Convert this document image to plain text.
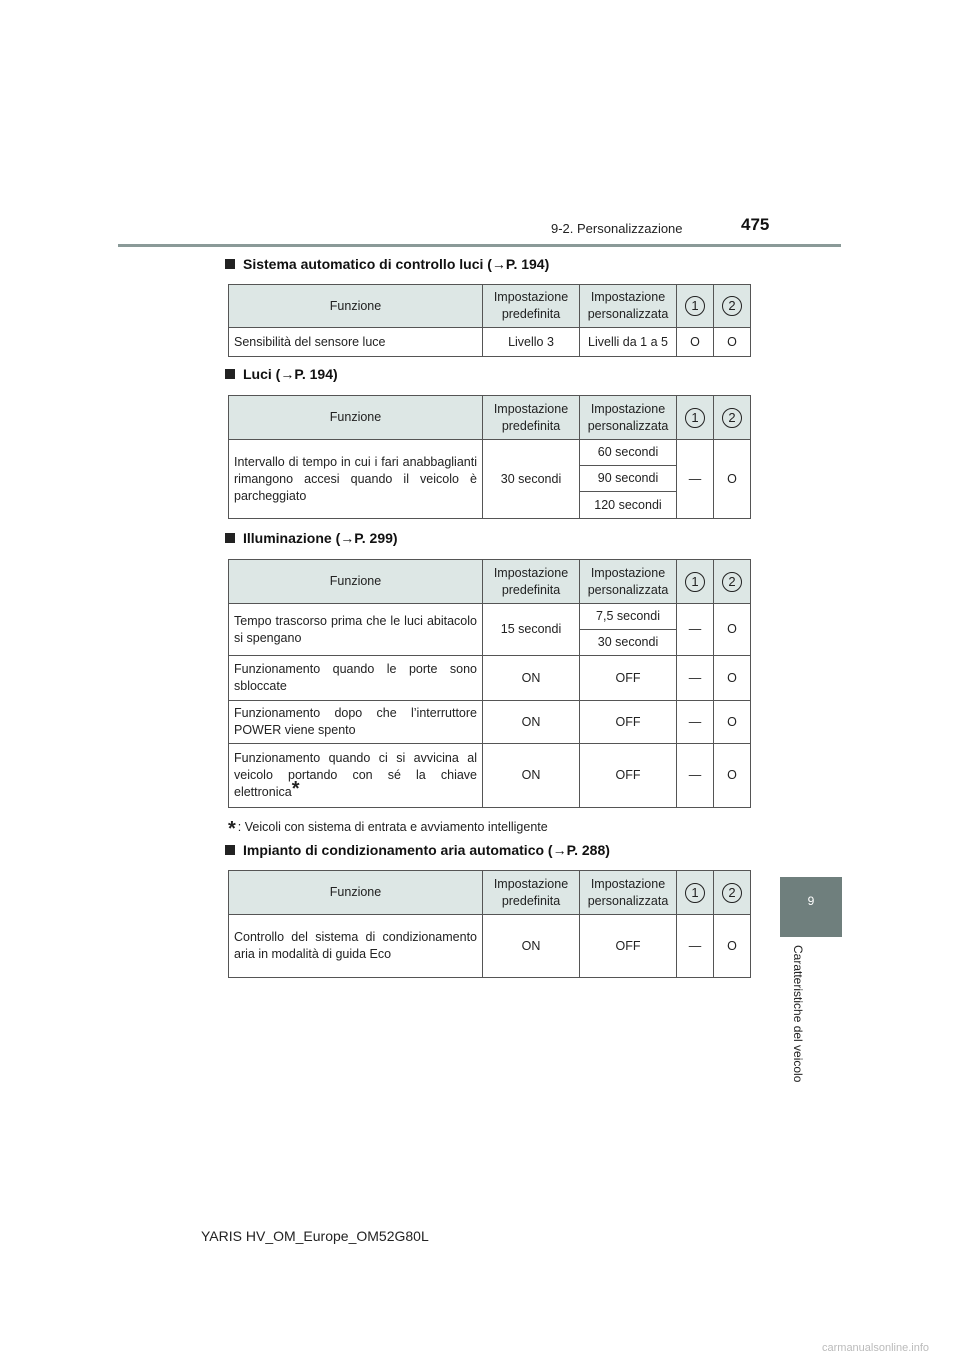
9-2. Personalizzazione	475
9
Caratteristiche del veicolo
Sistema automatico di controllo luci (→P. 194)
Funzione	Impostazione predefinita	Impostazione personalizzata	1	2
Sensibilità del sensore luce	Livello 3	Livelli da 1 a 5	O	O
Luci (→P. 194)
Funzione	Impostazione predefinita	Impostazione personalizzata	1	2
Intervallo di tempo in cui i fari anabbaglianti rimangono accesi quando il veicolo è parcheggiato	30 secondi	60 secondi	—	O
		90 secondi		
		120 secondi		
Illuminazione (→P. 299)
Funzione	Impostazione predefinita	Impostazione personalizzata	1	2
Tempo trascorso prima che le luci abitacolo si spengano	15 secondi	7,5 secondi	—	O
		30 secondi		
Funzionamento quando le porte sono sbloccate	ON	OFF	—	O
Funzionamento dopo che l’interruttore POWER viene spento	ON	OFF	—	O
Funzionamento quando ci si avvicina al veicolo portando con sé la chiave elettronica*	ON	OFF	—	O
* : Veicoli con sistema di entrata e avviamento intelligente
Impianto di condizionamento aria automatico (→P. 288)
Funzione	Impostazione predefinita	Impostazione personalizzata	1	2
Controllo del sistema di condizionamento aria in modalità di guida Eco	ON	OFF	—	O
YARIS HV_OM_Europe_OM52G80L
carmanualsonline.info
